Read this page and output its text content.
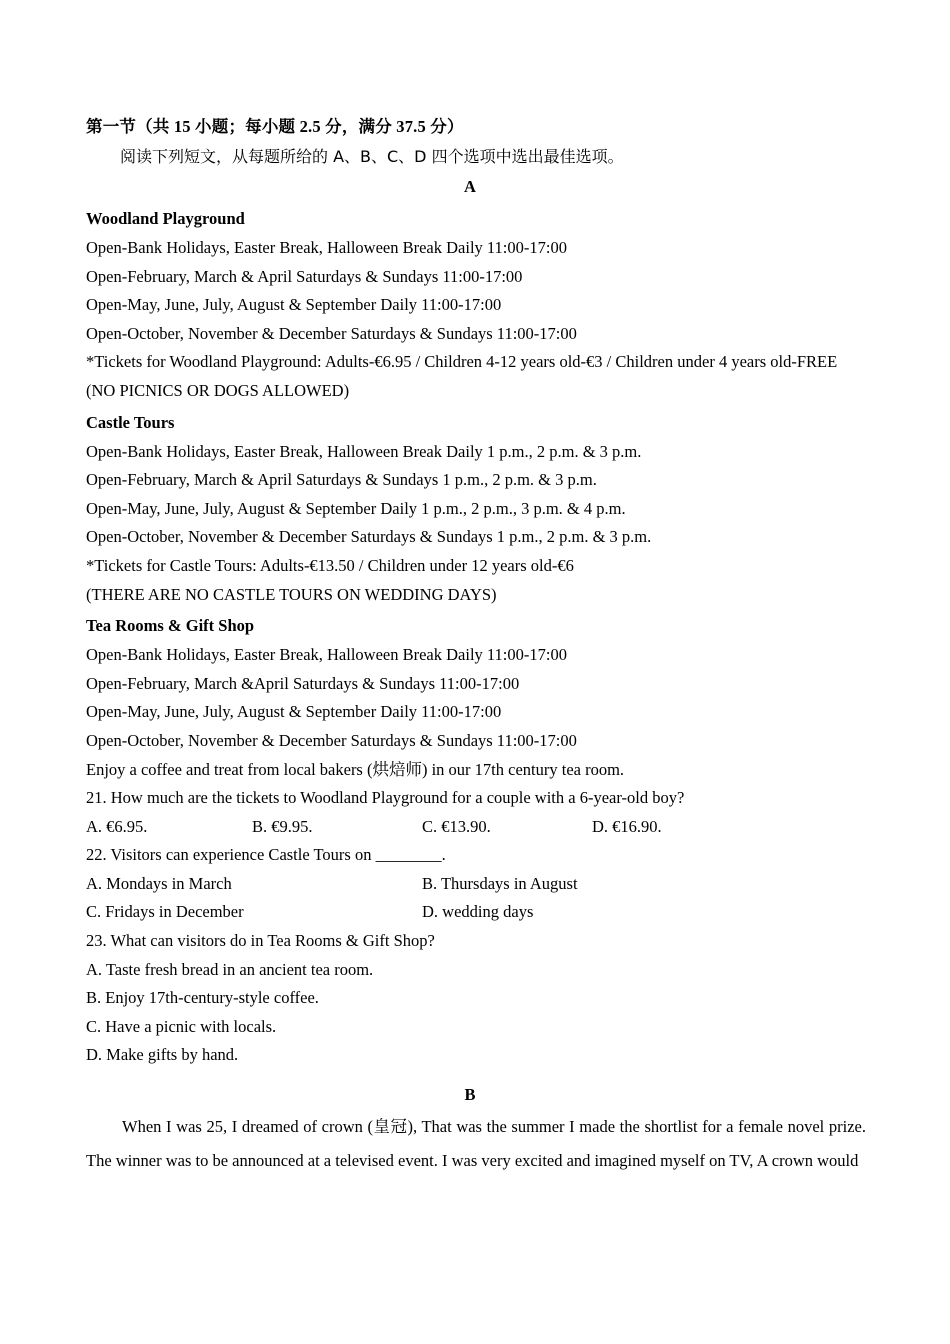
第一节（共 15 小题；每小题 2.5 分，满分 37.5 分）
阅读下列短文，从每题所给的 A、B、C、D 四个选项中选出最佳选项。
A
Woodland Playground
Open-Bank Holidays, Easter Break, Halloween Break Daily 11:00-17:00
Open-February, March & April Saturdays & Sundays 11:00-17:00
Open-May, June, July, August & September Daily 11:00-17:00
Open-October, November & December Saturdays & Sundays 11:00-17:00
*Tickets for Woodland Playground: Adults-€6.95 / Children 4-12 years old-€3 / Children under 4 years old-FREE
(NO PICNICS OR DOGS ALLOWED)
Castle Tours
Open-Bank Holidays, Easter Break, Halloween Break Daily 1 p.m., 2 p.m. & 3 p.m.
Open-February, March & April Saturdays & Sundays 1 p.m., 2 p.m. & 3 p.m.
Open-May, June, July, August & September Daily 1 p.m., 2 p.m., 3 p.m. & 4 p.m.
Open-October, November & December Saturdays & Sundays 1 p.m., 2 p.m. & 3 p.m.
*Tickets for Castle Tours: Adults-€13.50 / Children under 12 years old-€6
(THERE ARE NO CASTLE TOURS ON WEDDING DAYS)
Tea Rooms & Gift Shop
Open-Bank Holidays, Easter Break, Halloween Break Daily 11:00-17:00
Open-February, March &April Saturdays & Sundays 11:00-17:00
Open-May, June, July, August & September Daily 11:00-17:00
Open-October, November & December Saturdays & Sundays 11:00-17:00
Enjoy a coffee and treat from local bakers (烘焙师) in our 17th century tea room.
21. How much are the tickets to Woodland Playground for a couple with a 6-year-old boy?
A. €6.95.	B. €9.95.	C. €13.90.	D. €16.90.
22. Visitors can experience Castle Tours on ________.
A. Mondays in March	B. Thursdays in August
C. Fridays in December	D. wedding days
23. What can visitors do in Tea Rooms & Gift Shop?
A. Taste fresh bread in an ancient tea room.
B. Enjoy 17th-century-style coffee.
C. Have a picnic with locals.
D. Make gifts by hand.
B
When I was 25, I dreamed of crown (皇冠), That was the summer I made the shortlist for a female novel prize. The winner was to be announced at a televised event. I was very excited and imagined myself on TV, A crown would
